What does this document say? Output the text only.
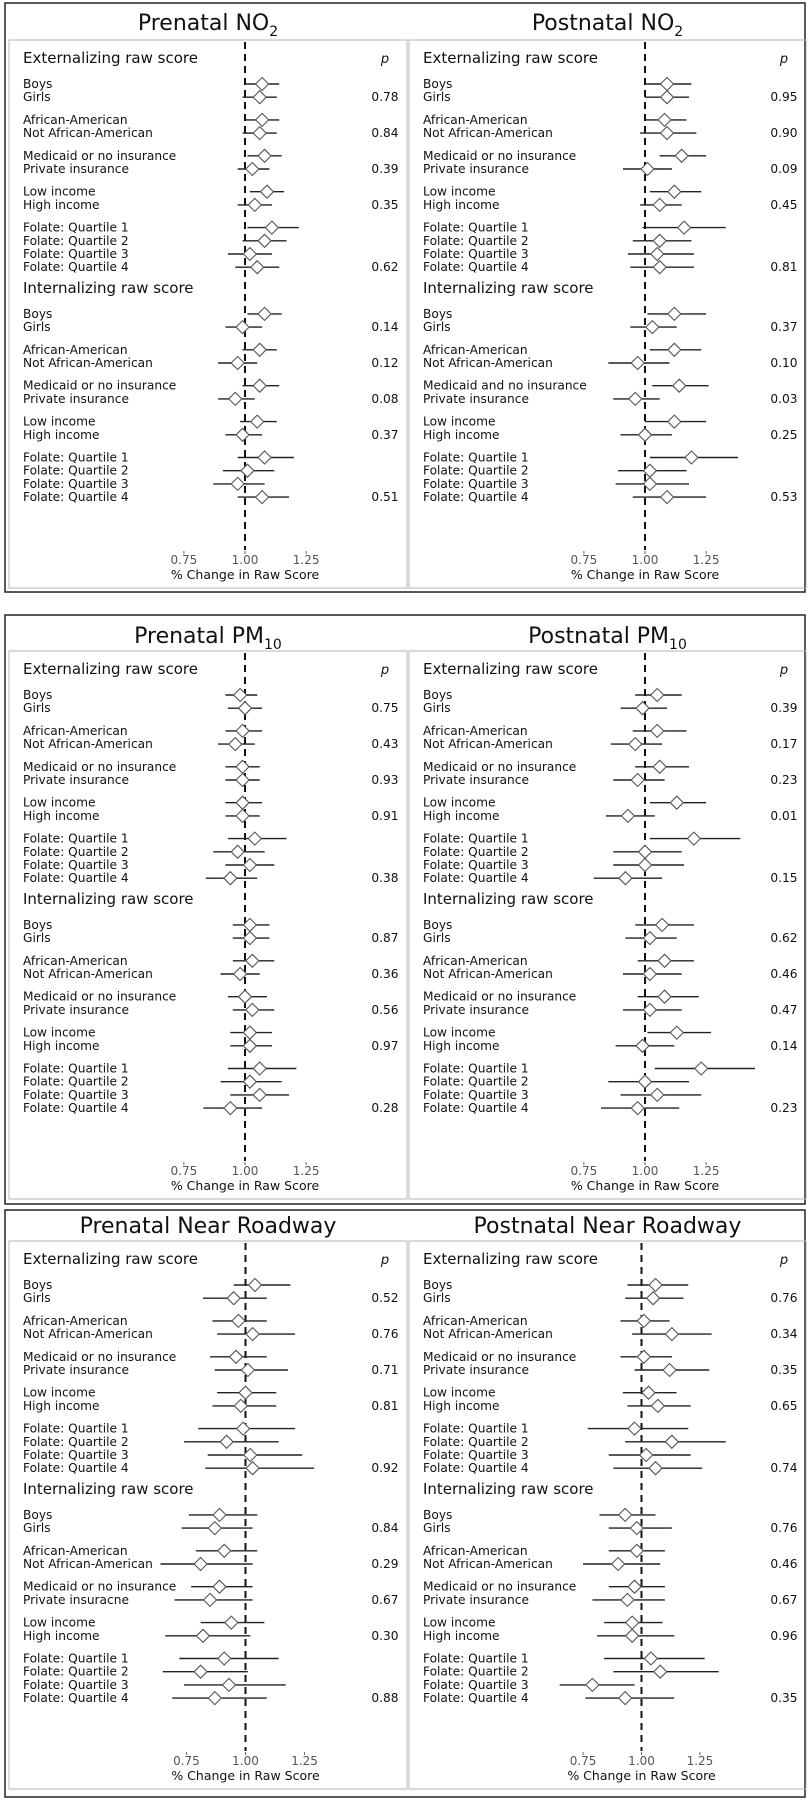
Prenatal $NO_2$
p
Externalizing raw score
Boys
Girls	0.78
African-American
Not African-American	0.84
Medicaid or no insurance
Private insurance	0.39
Low income
High income	0.35
Folate: Quartile 1
Folate: Quartile 2
Folate: Quartile 3
Folate: Quartile 4	0.62
Internalizing raw score
Boys
Girls	0.14
African-American
Not African-American	0.12
Medicaid or no insurance
Private insurance	0.08
Low income
High income	0.37
Folate: Quartile 1
Folate: Quartile 2
Folate: Quartile 3
Folate: Quartile 4	0.51
0.75	1.00	1.25
% Change in Raw Score
Postnatal $NO_2$
p
Externalizing raw score
Boys
Girls	0.95
African-American
Not African-American	0.90
Medicaid or no insurance
Private insurance	0.09
Low income
High income	0.45
Folate: Quartile 1
Folate: Quartile 2
Folate: Quartile 3
Folate: Quartile 4	0.81
Internalizing raw score
Boys
Girls	0.37
African-American
Not African-American	0.10
Medicaid and no insurance
Private insurance	0.03
Low income
High income	0.25
Folate: Quartile 1
Folate: Quartile 2
Folate: Quartile 3
Folate: Quartile 4	0.53
0.75	1.00	1.25
% Change in Raw Score
Prenatal $PM_{10}$
p
Externalizing raw score
Boys
Girls	0.75
African-American
Not African-American	0.43
Medicaid or no insurance
Private insurance	0.93
Low income
High income	0.91
Folate: Quartile 1
Folate: Quartile 2
Folate: Quartile 3
Folate: Quartile 4	0.38
Internalizing raw score
Boys
Girls	0.87
African-American
Not African-American	0.36
Medicaid or no insurance
Private insurance	0.56
Low income
High income	0.97
Folate: Quartile 1
Folate: Quartile 2
Folate: Quartile 3
Folate: Quartile 4	0.28
0.75	1.00	1.25
% Change in Raw Score
Postnatal $PM_{10}$
p
Externalizing raw score
Boys
Girls	0.39
African-American
Not African-American	0.17
Medicaid or no insurance
Private insurance	0.23
Low income
High income	0.01
Folate: Quartile 1
Folate: Quartile 2
Folate: Quartile 3
Folate: Quartile 4	0.15
Internalizing raw score
Boys
Girls	0.62
African-American
Not African-American	0.46
Medicaid or no insurance
Private insurance	0.47
Low income
High income	0.14
Folate: Quartile 1
Folate: Quartile 2
Folate: Quartile 3
Folate: Quartile 4	0.23
0.75	1.00	1.25
% Change in Raw Score
Prenatal Near Roadway
p
Externalizing raw score
Boys
Girls	0.52
African-American
Not African-American	0.76
Medicaid or no insurance
Private insurance	0.71
Low income
High income	0.81
Folate: Quartile 1
Folate: Quartile 2
Folate: Quartile 3
Folate: Quartile 4	0.92
Internalizing raw score
Boys
Girls	0.84
African-American
Not African-American	0.29
Medicaid or no insurance
Private insuracne	0.67
Low income
High income	0.30
Folate: Quartile 1
Folate: Quartile 2
Folate: Quartile 3
Folate: Quartile 4	0.88
0.75	1.00	1.25
% Change in Raw Score
Postnatal Near Roadway
p
Externalizing raw score
Boys
Girls	0.76
African-American
Not African-American	0.34
Medicaid or no insurance
Private insurance	0.35
Low income
High income	0.65
Folate: Quartile 1
Folate: Quartile 2
Folate: Quartile 3
Folate: Quartile 4	0.74
Internalizing raw score
Boys
Girls	0.76
African-American
Not African-American	0.46
Medicaid or no insurance
Private insurance	0.67
Low income
High income	0.96
Folate: Quartile 1
Folate: Quartile 2
Folate: Quartile 3
Folate: Quartile 4	0.35
0.75	1.00	1.25
% Change in Raw Score
